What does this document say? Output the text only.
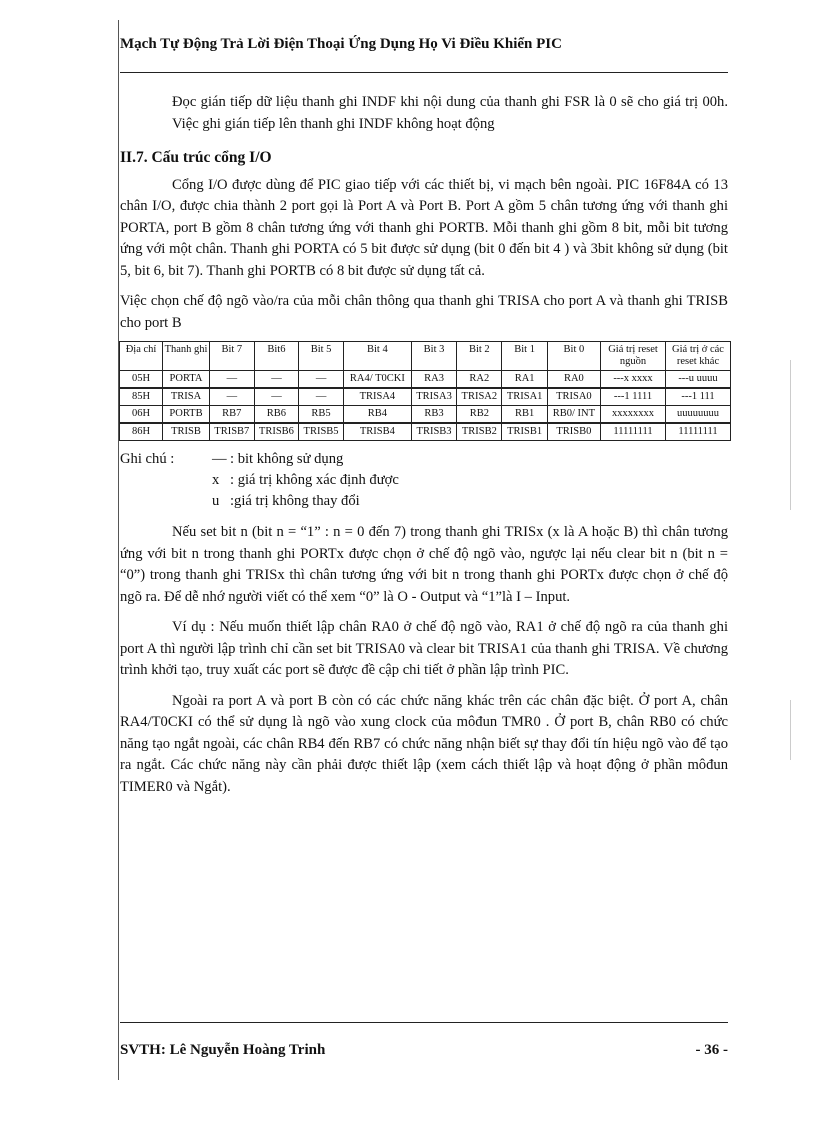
Mạch Tự Động Trả Lời Điện Thoại Ứng Dụng Họ Vi Điều Khiển PIC

Đọc gián tiếp dữ liệu thanh ghi INDF khi nội dung của thanh ghi FSR là 0 sẽ cho giá trị 00h. Việc ghi gián tiếp lên thanh ghi INDF không hoạt động

II.7. Cấu trúc cổng I/O

Cổng I/O được dùng để PIC giao tiếp với các thiết bị, vi mạch bên ngoài. PIC 16F84A có 13 chân I/O, được chia thành 2 port gọi là Port A và Port B. Port A gồm 5 chân tương ứng với thanh ghi PORTA, port B gồm 8 chân tương ứng với thanh ghi PORTB. Mỗi thanh ghi gồm 8 bit, mỗi bit tương ứng với một chân. Thanh ghi PORTA có 5 bit được sử dụng (bit 0 đến bit 4 ) và 3bit không sử dụng (bit 5, bit 6, bit 7). Thanh ghi PORTB có 8 bit được sử dụng tất cả.

Việc chọn chế độ ngõ vào/ra của mỗi chân thông qua thanh ghi TRISA cho port A và thanh ghi TRISB cho port B

Địa chỉ	Thanh ghi	Bit 7	Bit6	Bit 5	Bit 4	Bit 3	Bit 2	Bit 1	Bit 0	Giá trị reset nguồn	Giá trị ở các reset khác
05H	PORTA	—	—	—	RA4/ T0CKI	RA3	RA2	RA1	RA0	---x xxxx	---u uuuu
85H	TRISA	—	—	—	TRISA4	TRISA3	TRISA2	TRISA1	TRISA0	---1 1111	---1 111
06H	PORTB	RB7	RB6	RB5	RB4	RB3	RB2	RB1	RB0/ INT	xxxxxxxx	uuuuuuuu
86H	TRISB	TRISB7	TRISB6	TRISB5	TRISB4	TRISB3	TRISB2	TRISB1	TRISB0	11111111	11111111
Ghi chú :	— : bit không sử dụng
x : giá trị không xác định được
u :giá trị không thay đổi

Nếu set bit n (bit n = “1” : n = 0 đến 7) trong thanh ghi TRISx (x là A hoặc B) thì chân tương ứng với bit n trong thanh ghi PORTx được chọn ở chế độ ngõ vào, ngược lại nếu clear bit n (bit n = “0”) trong thanh ghi TRISx thì chân tương ứng với bit n trong thanh ghi PORTx được chọn ở chế độ ngõ ra. Để dễ nhớ người viết có thể xem “0” là O - Output và “1”là I – Input.

Ví dụ : Nếu muốn thiết lập chân RA0 ở chế độ ngõ vào, RA1 ở chế độ ngõ ra của thanh ghi port A thì người lập trình chỉ cần set bit TRISA0 và clear bit TRISA1 của thanh ghi TRISA. Về chương trình khởi tạo, truy xuất các port sẽ được đề cập chi tiết ở phần lập trình PIC.

Ngoài ra port A và port B còn có các chức năng khác trên các chân đặc biệt. Ở port A, chân RA4/T0CKI có thể sử dụng là ngõ vào xung clock của môđun TMR0 . Ở port B, chân RB0 có chức năng tạo ngắt ngoài, các chân RB4 đến RB7 có chức năng nhận biết sự thay đổi tín hiệu ngõ vào để tạo ra ngắt. Các chức năng này cần phải được thiết lập (xem cách thiết lập và hoạt động ở phần môđun TIMER0 và Ngắt).

SVTH: Lê Nguyễn Hoàng Trinh	- 36 -
